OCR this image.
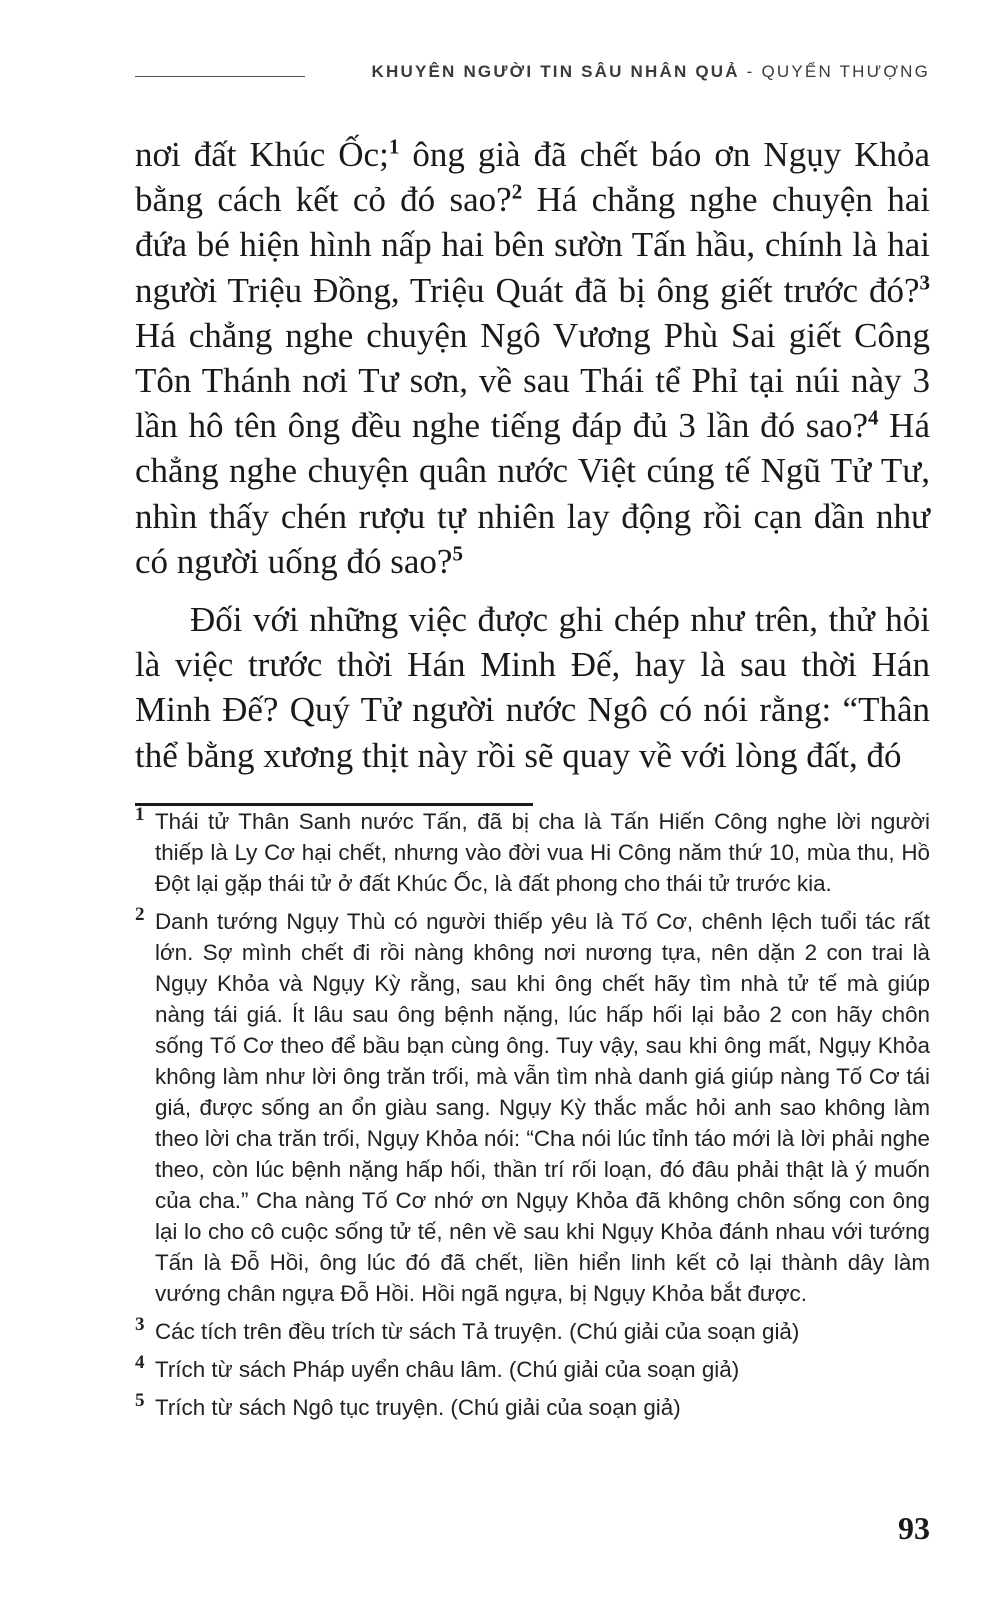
KHUYÊN NGƯỜI TIN SÂU NHÂN QUẢ - QUYỂN THƯỢNG

nơi đất Khúc Ốc;$^1$ ông già đã chết báo ơn Ngụy Khỏa bằng cách kết cỏ đó sao?$^2$ Há chẳng nghe chuyện hai đứa bé hiện hình nấp hai bên sườn Tấn hầu, chính là hai người Triệu Đồng, Triệu Quát đã bị ông giết trước đó?$^3$ Há chẳng nghe chuyện Ngô Vương Phù Sai giết Công Tôn Thánh nơi Tư sơn, về sau Thái tể Phỉ tại núi này 3 lần hô tên ông đều nghe tiếng đáp đủ 3 lần đó sao?$^4$ Há chẳng nghe chuyện quân nước Việt cúng tế Ngũ Tử Tư, nhìn thấy chén rượu tự nhiên lay động rồi cạn dần như có người uống đó sao?$^5$

Đối với những việc được ghi chép như trên, thử hỏi là việc trước thời Hán Minh Đế, hay là sau thời Hán Minh Đế? Quý Tử người nước Ngô có nói rằng: “Thân thể bằng xương thịt này rồi sẽ quay về với lòng đất, đó

1 Thái tử Thân Sanh nước Tấn, đã bị cha là Tấn Hiến Công nghe lời người thiếp là Ly Cơ hại chết, nhưng vào đời vua Hi Công năm thứ 10, mùa thu, Hồ Đột lại gặp thái tử ở đất Khúc Ốc, là đất phong cho thái tử trước kia.
2 Danh tướng Ngụy Thù có người thiếp yêu là Tố Cơ, chênh lệch tuổi tác rất lớn. Sợ mình chết đi rồi nàng không nơi nương tựa, nên dặn 2 con trai là Ngụy Khỏa và Ngụy Kỳ rằng, sau khi ông chết hãy tìm nhà tử tế mà giúp nàng tái giá. Ít lâu sau ông bệnh nặng, lúc hấp hối lại bảo 2 con hãy chôn sống Tố Cơ theo để bầu bạn cùng ông. Tuy vậy, sau khi ông mất, Ngụy Khỏa không làm như lời ông trăn trối, mà vẫn tìm nhà danh giá giúp nàng Tố Cơ tái giá, được sống an ổn giàu sang. Ngụy Kỳ thắc mắc hỏi anh sao không làm theo lời cha trăn trối, Ngụy Khỏa nói: “Cha nói lúc tỉnh táo mới là lời phải nghe theo, còn lúc bệnh nặng hấp hối, thần trí rối loạn, đó đâu phải thật là ý muốn của cha.” Cha nàng Tố Cơ nhớ ơn Ngụy Khỏa đã không chôn sống con ông lại lo cho cô cuộc sống tử tế, nên về sau khi Ngụy Khỏa đánh nhau với tướng Tấn là Đỗ Hồi, ông lúc đó đã chết, liền hiển linh kết cỏ lại thành dây làm vướng chân ngựa Đỗ Hồi. Hồi ngã ngựa, bị Ngụy Khỏa bắt được.
3 Các tích trên đều trích từ sách Tả truyện. (Chú giải của soạn giả)
4 Trích từ sách Pháp uyển châu lâm. (Chú giải của soạn giả)
5 Trích từ sách Ngô tục truyện. (Chú giải của soạn giả)
93
